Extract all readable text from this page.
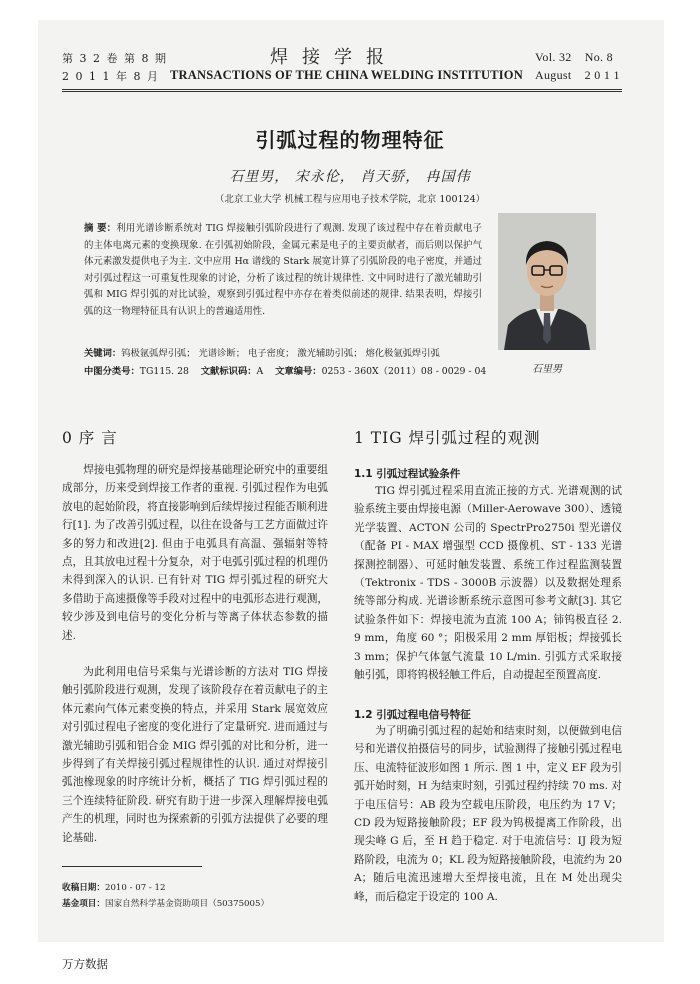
第 3 2 卷 第 8 期
2 0 1 1 年 8 月
焊接学报
TRANSACTIONS OF THE CHINA WELDING INSTITUTION
Vol. 32    No. 8
August    2 0 1 1
引弧过程的物理特征
石里男， 宋永伦， 肖天骄， 冉国伟
（北京工业大学 机械工程与应用电子技术学院，北京 100124）
摘 要：利用光谱诊断系统对 TIG 焊接触引弧阶段进行了观测. 发现了该过程中存在着贡献电子的主体电离元素的变换现象. 在引弧初始阶段，金属元素是电子的主要贡献者，而后则以保护气体元素激发提供电子为主. 文中应用 Hα 谱线的 Stark 展宽计算了引弧阶段的电子密度，并通过对引弧过程这一可重复性现象的讨论，分析了该过程的统计规律性. 文中同时进行了激光辅助引弧和 MIG 焊引弧的对比试验，观察到引弧过程中亦存在着类似前述的规律. 结果表明，焊接引弧的这一物理特征具有认识上的普遍适用性.
关键词：钨极氩弧焊引弧； 光谱诊断； 电子密度； 激光辅助引弧； 熔化极氩弧焊引弧
中图分类号：TG115. 28 文献标识码：A 文章编号：0253 - 360X（2011）08 - 0029 - 04	石里男
0 序 言
焊接电弧物理的研究是焊接基础理论研究中的重要组成部分，历来受到焊接工作者的重视. 引弧过程作为电弧放电的起始阶段，将直接影响到后续焊接过程能否顺利进行[1]. 为了改善引弧过程，以往在设备与工艺方面做过许多的努力和改进[2]. 但由于电弧具有高温、强辐射等特点，且其放电过程十分复杂，对于电弧引弧过程的机理仍未得到深入的认识. 已有针对 TIG 焊引弧过程的研究大多借助于高速摄像等手段对过程中的电弧形态进行观测，较少涉及到电信号的变化分析与等离子体状态参数的描述.
为此利用电信号采集与光谱诊断的方法对 TIG 焊接触引弧阶段进行观测，发现了该阶段存在着贡献电子的主体元素向气体元素变换的特点，并采用 Stark 展宽效应对引弧过程电子密度的变化进行了定量研究. 进而通过与激光辅助引弧和铝合金 MIG 焊引弧的对比和分析，进一步得到了有关焊接引弧过程规律性的认识. 通过对焊接引弧池橡现象的时序统计分析，概括了 TIG 焊引弧过程的三个连续特征阶段. 研究有助于进一步深入理解焊接电弧产生的机理，同时也为探索新的引弧方法提供了必要的理论基础.
收稿日期：2010 - 07 - 12
基金项目：国家自然科学基金资助项目（50375005）
1 TIG 焊引弧过程的观测
1.1 引弧过程试验条件
TIG 焊引弧过程采用直流正接的方式. 光谱观测的试验系统主要由焊接电源（Miller-Aerowave 300）、透镜光学装置、ACTON 公司的 SpectrPro2750i 型光谱仪（配备 PI - MAX 增强型 CCD 摄像机、ST - 133 光谱探测控制器）、可延时触发装置、系统工作过程监测装置（Tektronix - TDS - 3000B 示波器）以及数据处理系统等部分构成. 光谱诊断系统示意图可参考文献[3]. 其它试验条件如下：焊接电流为直流 100 A；铈钨极直径 2. 9 mm，角度 60 °；阳极采用 2 mm 厚铝板；焊接弧长 3 mm；保护气体氩气流量 10 L/min. 引弧方式采取接触引弧，即将钨极轻触工件后，自动提起至预置高度.
1.2 引弧过程电信号特征
为了明确引弧过程的起始和结束时刻，以便做到电信号和光谱仪拍摄信号的同步，试验测得了接触引弧过程电压、电流特征波形如图 1 所示. 图 1 中，定义 EF 段为引弧开始时刻，H 为结束时刻，引弧过程约持续 70 ms. 对于电压信号：AB 段为空载电压阶段，电压约为 17 V；CD 段为短路接触阶段；EF 段为钨极提离工作阶段，出现尖峰 G 后，至 H 趋于稳定. 对于电流信号：IJ 段为短路阶段，电流为 0；KL 段为短路接触阶段，电流约为 20 A；随后电流迅速增大至焊接电流，且在 M 处出现尖峰，而后稳定于设定的 100 A.
万方数据
